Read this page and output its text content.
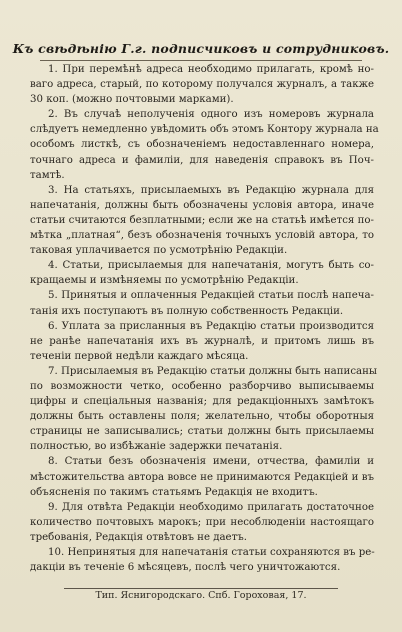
Къ свѣдѣнію Г.г. подписчиковъ и сотрудниковъ.
1. При перемѣнѣ адреса необходимо прилагать, кромѣ но-
ваго адреса, старый, по которому получался журналъ, а также
30 коп. (можно почтовыми марками).
2. Въ случаѣ неполученія одного изъ номеровъ журнала
слѣдуетъ немедленно увѣдомить объ этомъ Контору журнала на
особомъ листкѣ, съ обозначеніемъ недоставленнаго номера,
точнаго адреса и фамиліи, для наведенія справокъ въ Поч-
тамтѣ.
3. На статьяхъ, присылаемыхъ въ Редакцію журнала для
напечатанія, должны быть обозначены условія автора, иначе
статьи считаются безплатными; если же на статьѣ имѣется по-
мѣтка „платная“, безъ обозначенія точныхъ условій автора, то
таковая уплачивается по усмотрѣнію Редакціи.
4. Статьи, присылаемыя для напечатанія, могутъ быть со-
кращаемы и измѣняемы по усмотрѣнію Редакціи.
5. Принятыя и оплаченныя Редакціей статьи послѣ напеча-
танія ихъ поступаютъ въ полную собственность Редакціи.
6. Уплата за присланныя въ Редакцію статьи производится
не ранѣе напечатанія ихъ въ журналѣ, и притомъ лишь въ
теченіи первой недѣли каждаго мѣсяца.
7. Присылаемыя въ Редакцію статьи должны быть написаны
по возможности четко, особенно разборчиво выписываемы
цифры и спеціальныя названія; для редакціонныхъ замѣтокъ
должны быть оставлены поля; желательно, чтобы оборотныя
страницы не записывались; статьи должны быть присылаемы
полностью, во избѣжаніе задержки печатанія.
8. Статьи безъ обозначенія имени, отчества, фамиліи и
мѣстожительства автора вовсе не принимаются Редакціей и въ
объясненія по такимъ статьямъ Редакція не входитъ.
9. Для отвѣта Редакціи необходимо прилагать достаточное
количество почтовыхъ марокъ; при несоблюденіи настоящаго
требованія, Редакція отвѣтовъ не даетъ.
10. Непринятыя для напечатанія статьи сохраняются въ ре-
дакціи въ теченіе 6 мѣсяцевъ, послѣ чего уничтожаются.
Тип. Яснигородскаго. Спб. Гороховая, 17.
